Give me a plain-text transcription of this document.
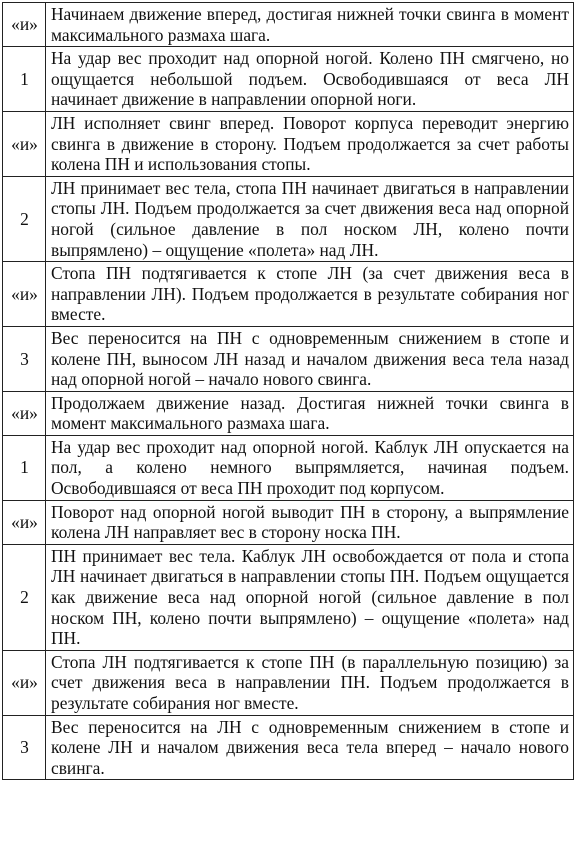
«и»	Начинаем движение вперед, достигая нижней точки свинга в момент максимального размаха шага.
1	На удар вес проходит над опорной ногой. Колено ПН смягчено, но ощущается небольшой подъем. Освободившаяся от веса ЛН начинает движение в направлении опорной ноги.
«и»	ЛН исполняет свинг вперед. Поворот корпуса переводит энергию свинга в движение в сторону. Подъем продолжается за счет работы колена ПН и использования стопы.
2	ЛН принимает вес тела, стопа ПН начинает двигаться в направлении стопы ЛН. Подъем продолжается за счет движения веса над опорной ногой (сильное давление в пол носком ЛН, колено почти выпрямлено) – ощущение «полета» над ЛН.
«и»	Стопа ПН подтягивается к стопе ЛН (за счет движения веса в направлении ЛН). Подъем продолжается в результате собирания ног вместе.
3	Вес переносится на ПН с одновременным снижением в стопе и колене ПН, выносом ЛН назад и началом движения веса тела назад над опорной ногой – начало нового свинга.
«и»	Продолжаем движение назад. Достигая нижней точки свинга в момент максимального размаха шага.
1	На удар вес проходит над опорной ногой. Каблук ЛН опускается на пол, а колено немного выпрямляется, начиная подъем. Освободившаяся от веса ПН проходит под корпусом.
«и»	Поворот над опорной ногой выводит ПН в сторону, а выпрямление колена ЛН направляет вес в сторону носка ПН.
2	ПН принимает вес тела. Каблук ЛН освобождается от пола и стопа ЛН начинает двигаться в направлении стопы ПН. Подъем ощущается как движение веса над опорной ногой (сильное давление в пол носком ПН, колено почти выпрямлено) – ощущение «полета» над ПН.
«и»	Стопа ЛН подтягивается к стопе ПН (в параллельную позицию) за счет движения веса в направлении ПН. Подъем продолжается в результате собирания ног вместе.
3	Вес переносится на ЛН с одновременным снижением в стопе и колене ЛН и началом движения веса тела вперед – начало нового свинга.
